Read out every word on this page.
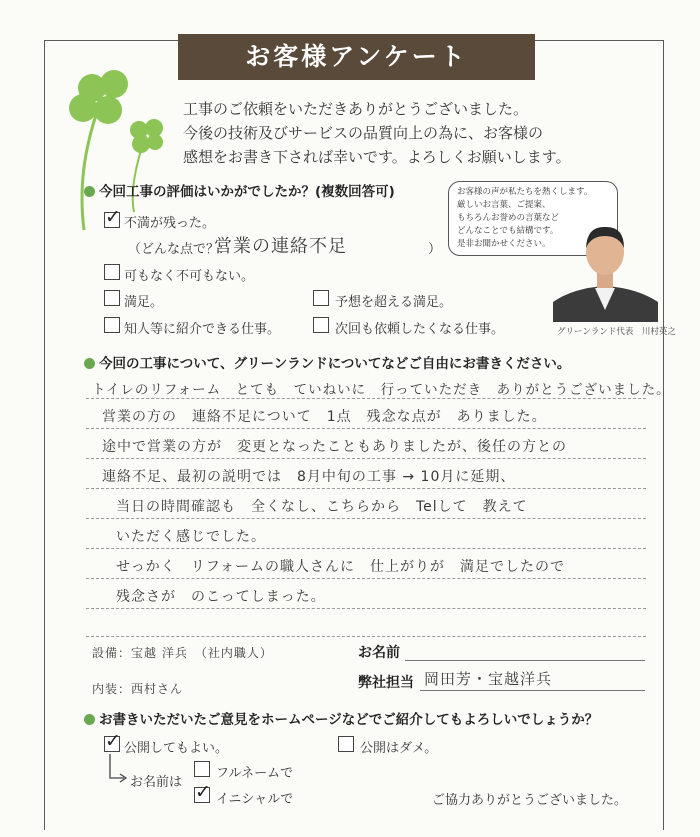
お客様アンケート
工事のご依頼をいただきありがとうございました。
今後の技術及びサービスの品質向上の為に、お客様の
感想をお書き下されば幸いです。よろしくお願いします。
お客様の声が私たちを熱くします。
厳しいお言葉、ご提案、
もちろんお誉めの言葉など
どんなことでも結構です。
是非お聞かせください。
グリーンランド代表　川村英之
今回工事の評価はいかがでしたか？(複数回答可)
✓ 不満が残った。
（どんな点で？:
営業の連絡不足	）
可もなく不可もない。
満足。	予想を超える満足。
知人等に紹介できる仕事。	次回も依頼したくなる仕事。
今回の工事について、グリーンランドについてなどご自由にお書きください。
トイレのリフォーム　とても　ていねいに　行っていただき　ありがとうございました。
営業の方の　連絡不足について　1点　残念な点が　ありました。
途中で営業の方が　変更となったこともありましたが、後任の方との
連絡不足、最初の説明では　8月中旬の工事 → 10月に延期、
当日の時間確認も　全くなし、こちらから　Telして　教えて
いただく感じでした。
せっかく　リフォームの職人さんに　仕上がりが　満足でしたので
残念さが　のこってしまった。
設備：宝越 洋兵　（社内職人）
内装：西村さん
お名前
弊社担当 岡田芳・宝越洋兵
お書きいただいたご意見をホームページなどでご紹介してもよろしいでしょうか？
✓ 公開してもよい。	公開はダメ。
お名前は
フルネームで
✓ イニシャルで	ご協力ありがとうございました。
